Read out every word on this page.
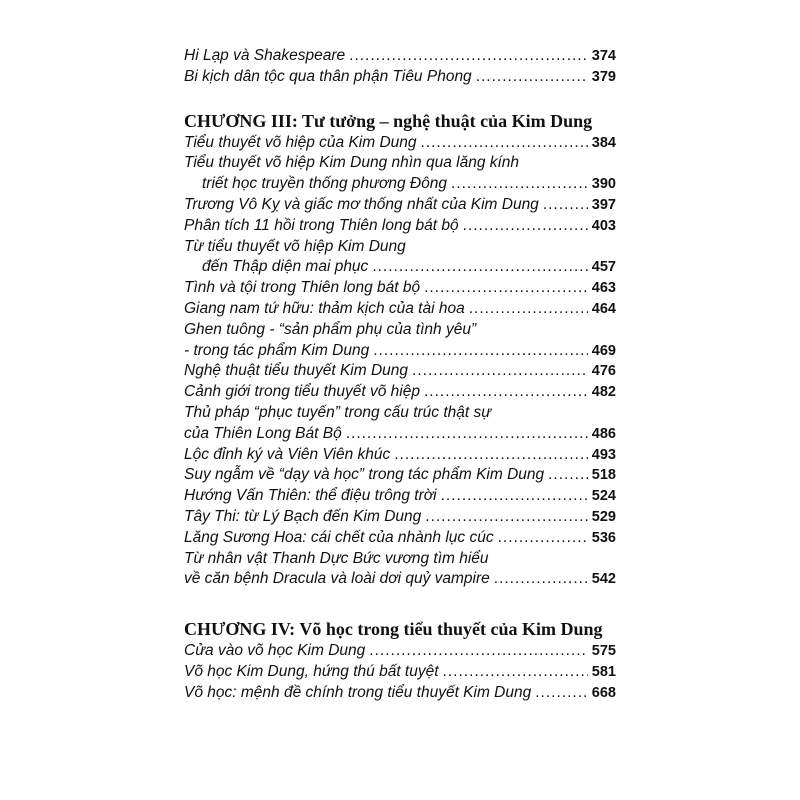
Hi Lạp và Shakespeare .....	374
Bi kịch dân tộc qua thân phận Tiêu Phong .....	379
CHƯƠNG III: Tư tưởng – nghệ thuật của Kim Dung
Tiểu thuyết võ hiệp của Kim Dung .....	384
Tiểu thuyết võ hiệp Kim Dung nhìn qua lăng kính
triết học truyền thống phương Đông .....	390
Trương Vô Kỵ và giấc mơ thống nhất của Kim Dung .....	397
Phân tích 11 hồi trong Thiên long bát bộ .....	403
Từ tiểu thuyết võ hiệp Kim Dung
đến Thập diện mai phục .....	457
Tình và tội trong Thiên long bát bộ .....	463
Giang nam tứ hữu: thảm kịch của tài hoa .....	464
Ghen tuông - “sản phẩm phụ của tình yêu”
- trong tác phẩm Kim Dung .....	469
Nghệ thuật tiểu thuyết Kim Dung .....	476
Cảnh giới trong tiểu thuyết võ hiệp .....	482
Thủ pháp “phục tuyến” trong cấu trúc thật sự
của Thiên Long Bát Bộ .....	486
Lộc đỉnh ký và Viên Viên khúc .....	493
Suy ngẫm về “dạy và học” trong tác phẩm Kim Dung .....	518
Hướng Vấn Thiên: thể điệu trông trời .....	524
Tây Thi: từ Lý Bạch đến Kim Dung .....	529
Lăng Sương Hoa: cái chết của nhành lục cúc .....	536
Từ nhân vật Thanh Dực Bức vương tìm hiểu
về căn bệnh Dracula và loài dơi quỷ vampire .....	542
CHƯƠNG IV: Võ học trong tiểu thuyết của Kim Dung
Cửa vào võ học Kim Dung .....	575
Võ học Kim Dung, hứng thú bất tuyệt .....	581
Võ học: mệnh đề chính trong tiểu thuyết Kim Dung .....	668
